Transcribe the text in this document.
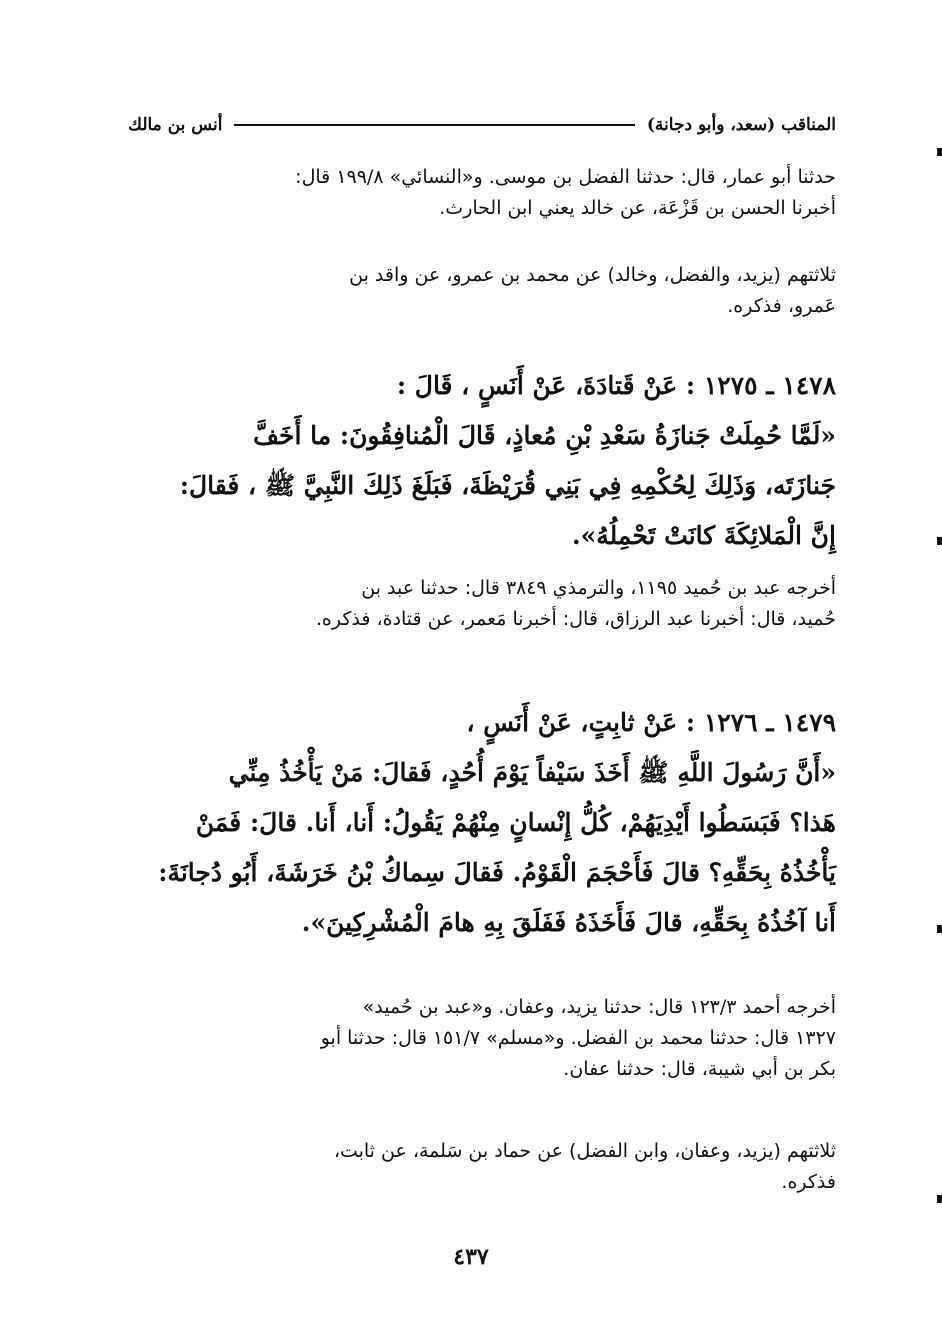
المناقب (سعد، وأبو دجانة)
أنس بن مالك
حدثنا أبو عمار، قال: حدثنا الفضل بن موسى. و«النسائي» ١٩٩/٨ قال:
أخبرنا الحسن بن قَزْعَة، عن خالد يعني ابن الحارث.
ثلاثتهم (يزيد، والفضل، وخالد) عن محمد بن عمرو، عن واقد بن
عَمرو، فذكره.
١٤٧٨ ـ ١٢٧٥ : عَنْ قَتادَةَ، عَنْ أَنَسٍ ، قَالَ :
«لَمَّا حُمِلَتْ جَنازَةُ سَعْدِ بْنِ مُعاذٍ، قَالَ الْمُنافِقُونَ: ما أَخَفَّ
جَنازَتَه، وَذَلِكَ لِحُكْمِهِ فِي بَنِي قُرَيْظَةَ، فَبَلَغَ ذَلِكَ النَّبِيَّ ﷺ ، فَقالَ:
إِنَّ الْمَلائِكَةَ كانَتْ تَحْمِلُهُ».
أخرجه عبد بن حُميد ١١٩٥، والترمذي ٣٨٤٩ قال: حدثنا عبد بن
حُميد، قال: أخبرنا عبد الرزاق، قال: أخبرنا مَعمر، عن قتادة، فذكره.
١٤٧٩ ـ ١٢٧٦ : عَنْ ثابِتٍ، عَنْ أَنَسٍ ،
«أَنَّ رَسُولَ اللَّهِ ﷺ أَخَذَ سَيْفاً يَوْمَ أُحُدٍ، فَقالَ: مَنْ يَأْخُذُ مِنِّي
هَذا؟ فَبَسَطُوا أَيْدِيَهُمْ، كُلُّ إِنْسانٍ مِنْهُمْ يَقُولُ: أَنا، أَنا. قالَ: فَمَنْ
يَأْخُذُهُ بِحَقِّهِ؟ قالَ فَأَحْجَمَ الْقَوْمُ. فَقالَ سِماكُ بْنُ خَرَشَةَ، أَبُو دُجانَةَ:
أَنا آخُذُهُ بِحَقِّهِ، قالَ فَأَخَذَهُ فَفَلَقَ بِهِ هامَ الْمُشْرِكِينَ».
أخرجه أحمد ١٢٣/٣ قال: حدثنا يزيد، وعفان. و«عبد بن حُميد»
١٣٢٧ قال: حدثنا محمد بن الفضل. و«مسلم» ١٥١/٧ قال: حدثنا أبو
بكر بن أبي شيبة، قال: حدثنا عفان.
ثلاثتهم (يزيد، وعفان، وابن الفضل) عن حماد بن سَلمة، عن ثابت،
فذكره.
٤٣٧
